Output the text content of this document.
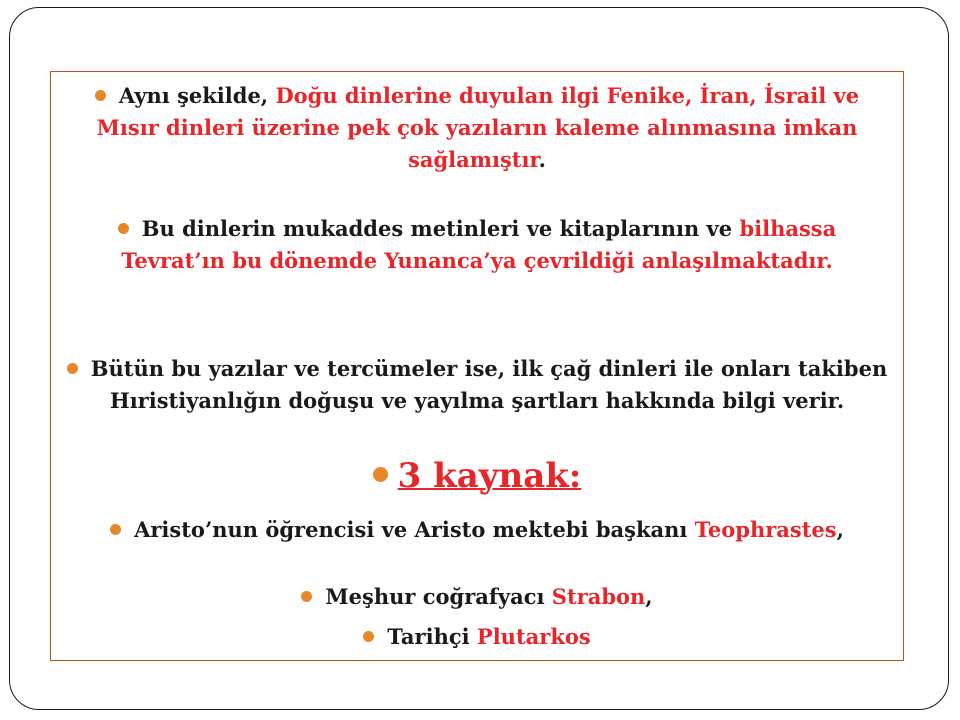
Aynı şekilde, Doğu dinlerine duyulan ilgi Fenike, İran, İsrail ve Mısır dinleri üzerine pek çok yazıların kaleme alınmasına imkan sağlamıştır.
Bu dinlerin mukaddes metinleri ve kitaplarının ve bilhassa Tevrat’ın bu dönemde Yunanca’ya çevrildiği anlaşılmaktadır.
Bütün bu yazılar ve tercümeler ise, ilk çağ dinleri ile onları takiben Hıristiyanlığın doğuşu ve yayılma şartları hakkında bilgi verir.
3 kaynak:
Aristo’nun öğrencisi ve Aristo mektebi başkanı Teophrastes,
Meşhur coğrafyacı Strabon,
Tarihçi Plutarkos
